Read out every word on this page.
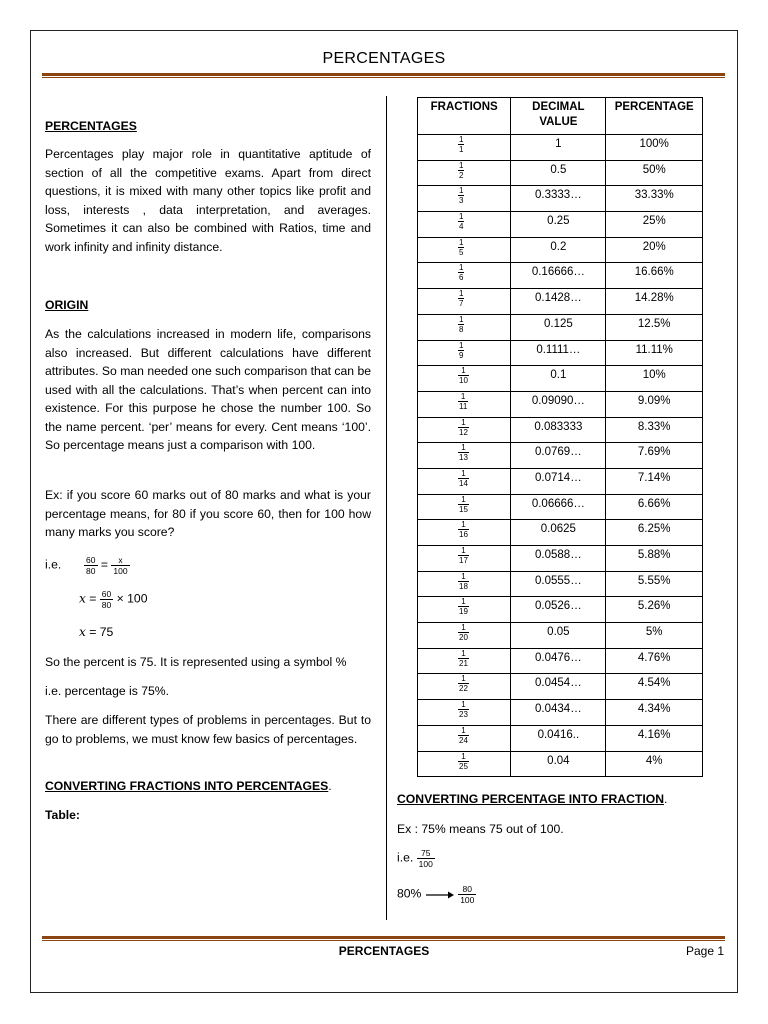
PERCENTAGES
PERCENTAGES

Percentages play major role in quantitative aptitude of section of all the competitive exams. Apart from direct questions, it is mixed with many other topics like profit and loss, interests , data interpretation, and averages. Sometimes it can also be combined with Ratios, time and work infinity and infinity distance.

ORIGIN

As the calculations increased in modern life, comparisons also increased. But different calculations have different attributes. So man needed one such comparison that can be used with all the calculations. That’s when percent can into existence. For this purpose he chose the number 100. So the name percent. ‘per’ means for every. Cent means ‘100’. So percentage means just a comparison with 100.

Ex: if you score 60 marks out of 80 marks and what is your percentage means, for 80 if you score 60, then for 100 how many marks you score?

i.e.	$\frac{60}{80} = \frac{x}{100}$
$x = \frac{60}{80} \times 100$
x = 75

So the percent is 75. It is represented using a symbol %

i.e. percentage is 75%.

There are different types of problems in percentages. But to go to problems, we must know few basics of percentages.

CONVERTING FRACTIONS INTO PERCENTAGES.
Table:
FRACTIONS	DECIMAL VALUE	PERCENTAGE

$\frac{1}{1}$	1	100%

$\frac{1}{2}$	0.5	50%

$\frac{1}{3}$	0.3333…	33.33%

$\frac{1}{4}$	0.25	25%

$\frac{1}{5}$	0.2	20%

$\frac{1}{6}$	0.16666…	16.66%

$\frac{1}{7}$	0.1428…	14.28%

$\frac{1}{8}$	0.125	12.5%

$\frac{1}{9}$	0.1111…	11.11%

$\frac{1}{10}$	0.1	10%

$\frac{1}{11}$	0.09090…	9.09%

$\frac{1}{12}$	0.083333	8.33%

$\frac{1}{13}$	0.0769…	7.69%

$\frac{1}{14}$	0.0714…	7.14%

$\frac{1}{15}$	0.06666…	6.66%

$\frac{1}{16}$	0.0625	6.25%

$\frac{1}{17}$	0.0588…	5.88%

$\frac{1}{18}$	0.0555…	5.55%

$\frac{1}{19}$	0.0526…	5.26%

$\frac{1}{20}$	0.05	5%

$\frac{1}{21}$	0.0476…	4.76%

$\frac{1}{22}$	0.0454…	4.54%

$\frac{1}{23}$	0.0434…	4.34%

$\frac{1}{24}$	0.0416..	4.16%

$\frac{1}{25}$	0.04	4%
CONVERTING PERCENTAGE INTO FRACTION.
Ex : 75% means 75 out of 100.
i.e. $\frac{75}{100}$
80%	$\frac{80}{100}$
PERCENTAGES	Page 1
